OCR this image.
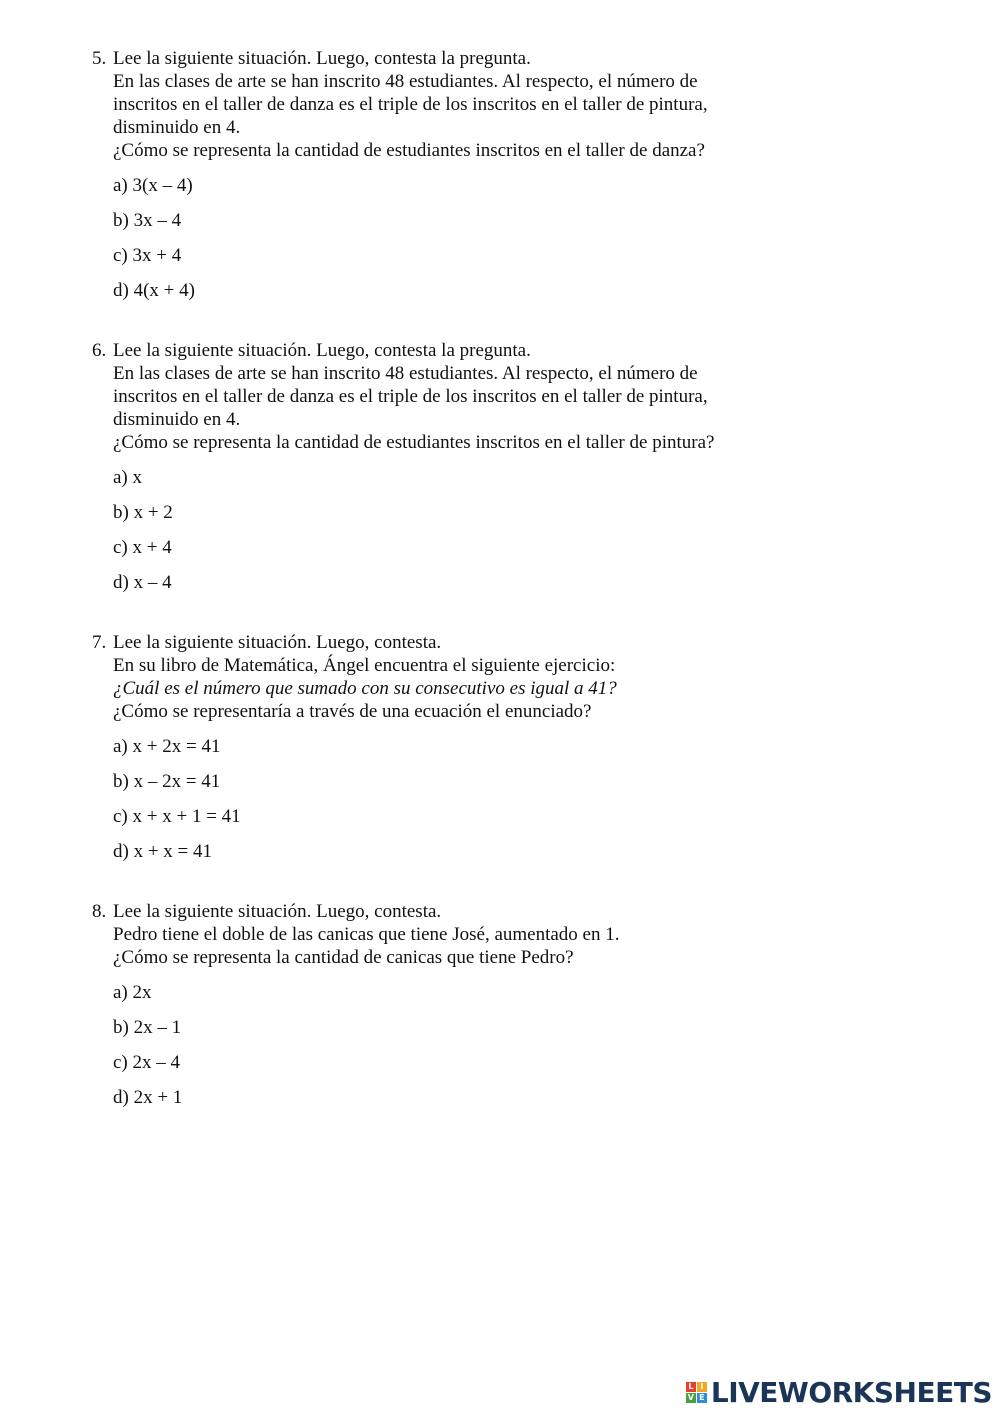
5. Lee la siguiente situación. Luego, contesta la pregunta.
En las clases de arte se han inscrito 48 estudiantes. Al respecto, el número de
inscritos en el taller de danza es el triple de los inscritos en el taller de pintura,
disminuido en 4.
¿Cómo se representa la cantidad de estudiantes inscritos en el taller de danza?
a) 3(x – 4)
b) 3x – 4
c) 3x + 4
d) 4(x + 4)
6. Lee la siguiente situación. Luego, contesta la pregunta.
En las clases de arte se han inscrito 48 estudiantes. Al respecto, el número de
inscritos en el taller de danza es el triple de los inscritos en el taller de pintura,
disminuido en 4.
¿Cómo se representa la cantidad de estudiantes inscritos en el taller de pintura?
a) x
b) x + 2
c) x + 4
d) x – 4
7. Lee la siguiente situación. Luego, contesta.
En su libro de Matemática, Ángel encuentra el siguiente ejercicio:
¿Cuál es el número que sumado con su consecutivo es igual a 41?
¿Cómo se representaría a través de una ecuación el enunciado?
a) x + 2x = 41
b) x – 2x = 41
c) x + x + 1 = 41
d) x + x = 41
8. Lee la siguiente situación. Luego, contesta.
Pedro tiene el doble de las canicas que tiene José, aumentado en 1.
¿Cómo se representa la cantidad de canicas que tiene Pedro?
a) 2x
b) 2x – 1
c) 2x – 4
d) 2x + 1
L I
V E LIVEWORKSHEETS
